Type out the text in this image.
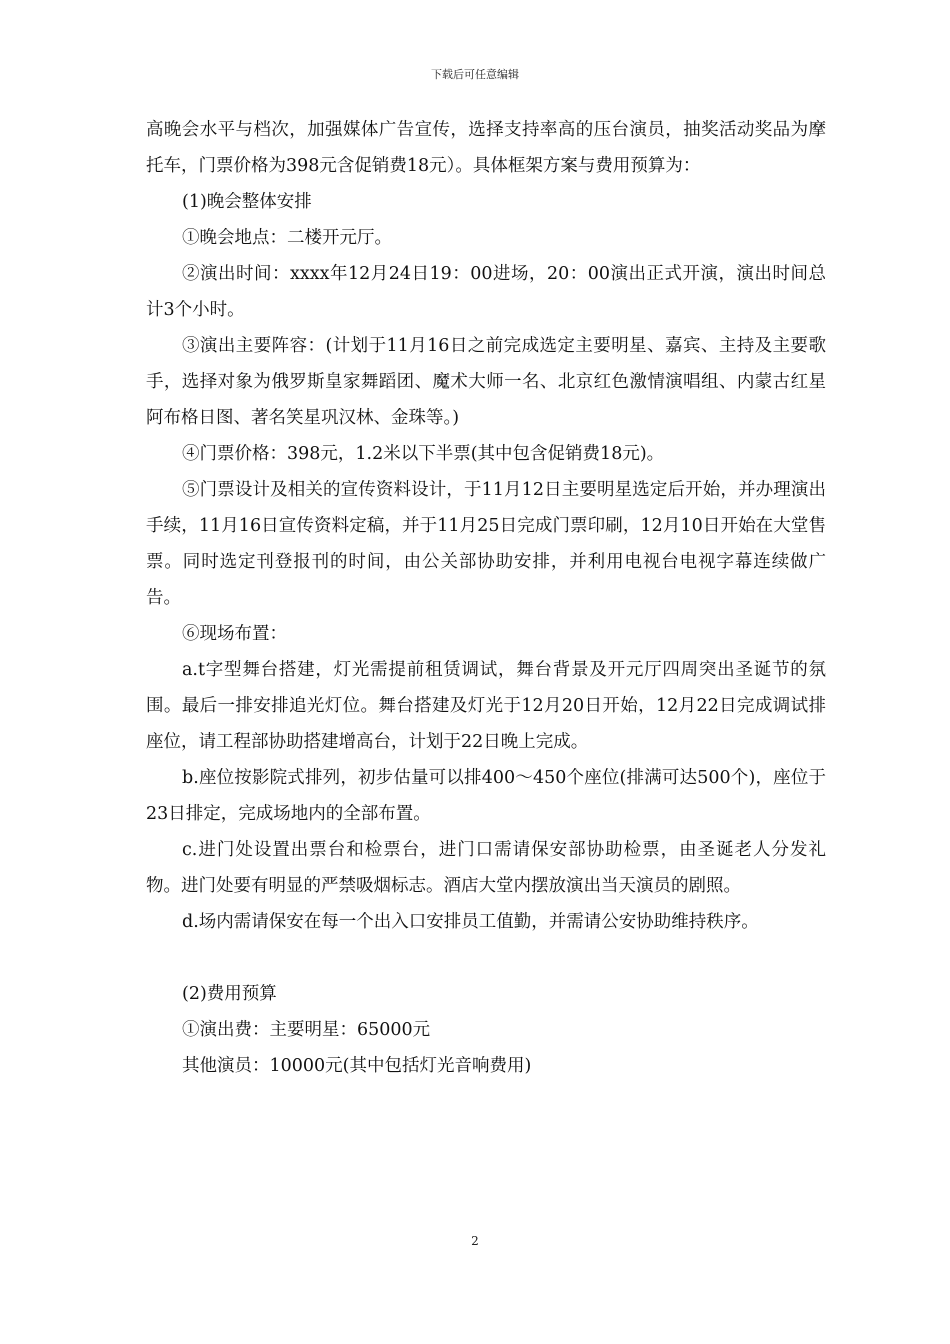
下载后可任意编辑

高晚会水平与档次，加强媒体广告宣传，选择支持率高的压台演员，抽奖活动奖品为摩托车，门票价格为398元含促销费18元）。具体框架方案与费用预算为：

(1)晚会整体安排

①晚会地点：二楼开元厅。

②演出时间：xxxx年12月24日19：00进场，20：00演出正式开演，演出时间总计3个小时。

③演出主要阵容：(计划于11月16日之前完成选定主要明星、嘉宾、主持及主要歌手，选择对象为俄罗斯皇家舞蹈团、魔术大师一名、北京红色激情演唱组、内蒙古红星阿布格日图、著名笑星巩汉林、金珠等。)

④门票价格：398元，1.2米以下半票(其中包含促销费18元)。

⑤门票设计及相关的宣传资料设计，于11月12日主要明星选定后开始，并办理演出手续，11月16日宣传资料定稿，并于11月25日完成门票印刷，12月10日开始在大堂售票。同时选定刊登报刊的时间，由公关部协助安排，并利用电视台电视字幕连续做广告。

⑥现场布置：

a.t字型舞台搭建，灯光需提前租赁调试，舞台背景及开元厅四周突出圣诞节的氛围。最后一排安排追光灯位。舞台搭建及灯光于12月20日开始，12月22日完成调试排座位，请工程部协助搭建增高台，计划于22日晚上完成。

b.座位按影院式排列，初步估量可以排400～450个座位(排满可达500个)，座位于23日排定，完成场地内的全部布置。

c.进门处设置出票台和检票台，进门口需请保安部协助检票，由圣诞老人分发礼物。进门处要有明显的严禁吸烟标志。酒店大堂内摆放演出当天演员的剧照。

d.场内需请保安在每一个出入口安排员工值勤，并需请公安协助维持秩序。

(2)费用预算

①演出费：主要明星：65000元

其他演员：10000元(其中包括灯光音响费用)

2
